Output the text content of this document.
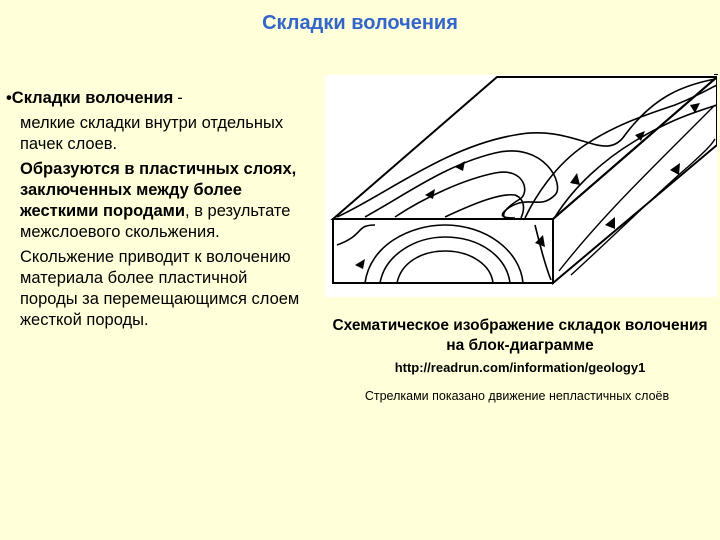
Складки волочения
•Складки волочения -
мелкие складки внутри отдельных пачек слоев.
Образуются в пластичных слоях, заключенных между более жесткими породами, в результате межслоевого скольжения.
Скольжение приводит к волочению материала более пластичной породы за перемещающимся слоем жесткой породы.	Схематическое изображение складок волочения на блок-диаграмме
http://readrun.com/information/geology1
Стрелками показано движение непластичных слоёв
